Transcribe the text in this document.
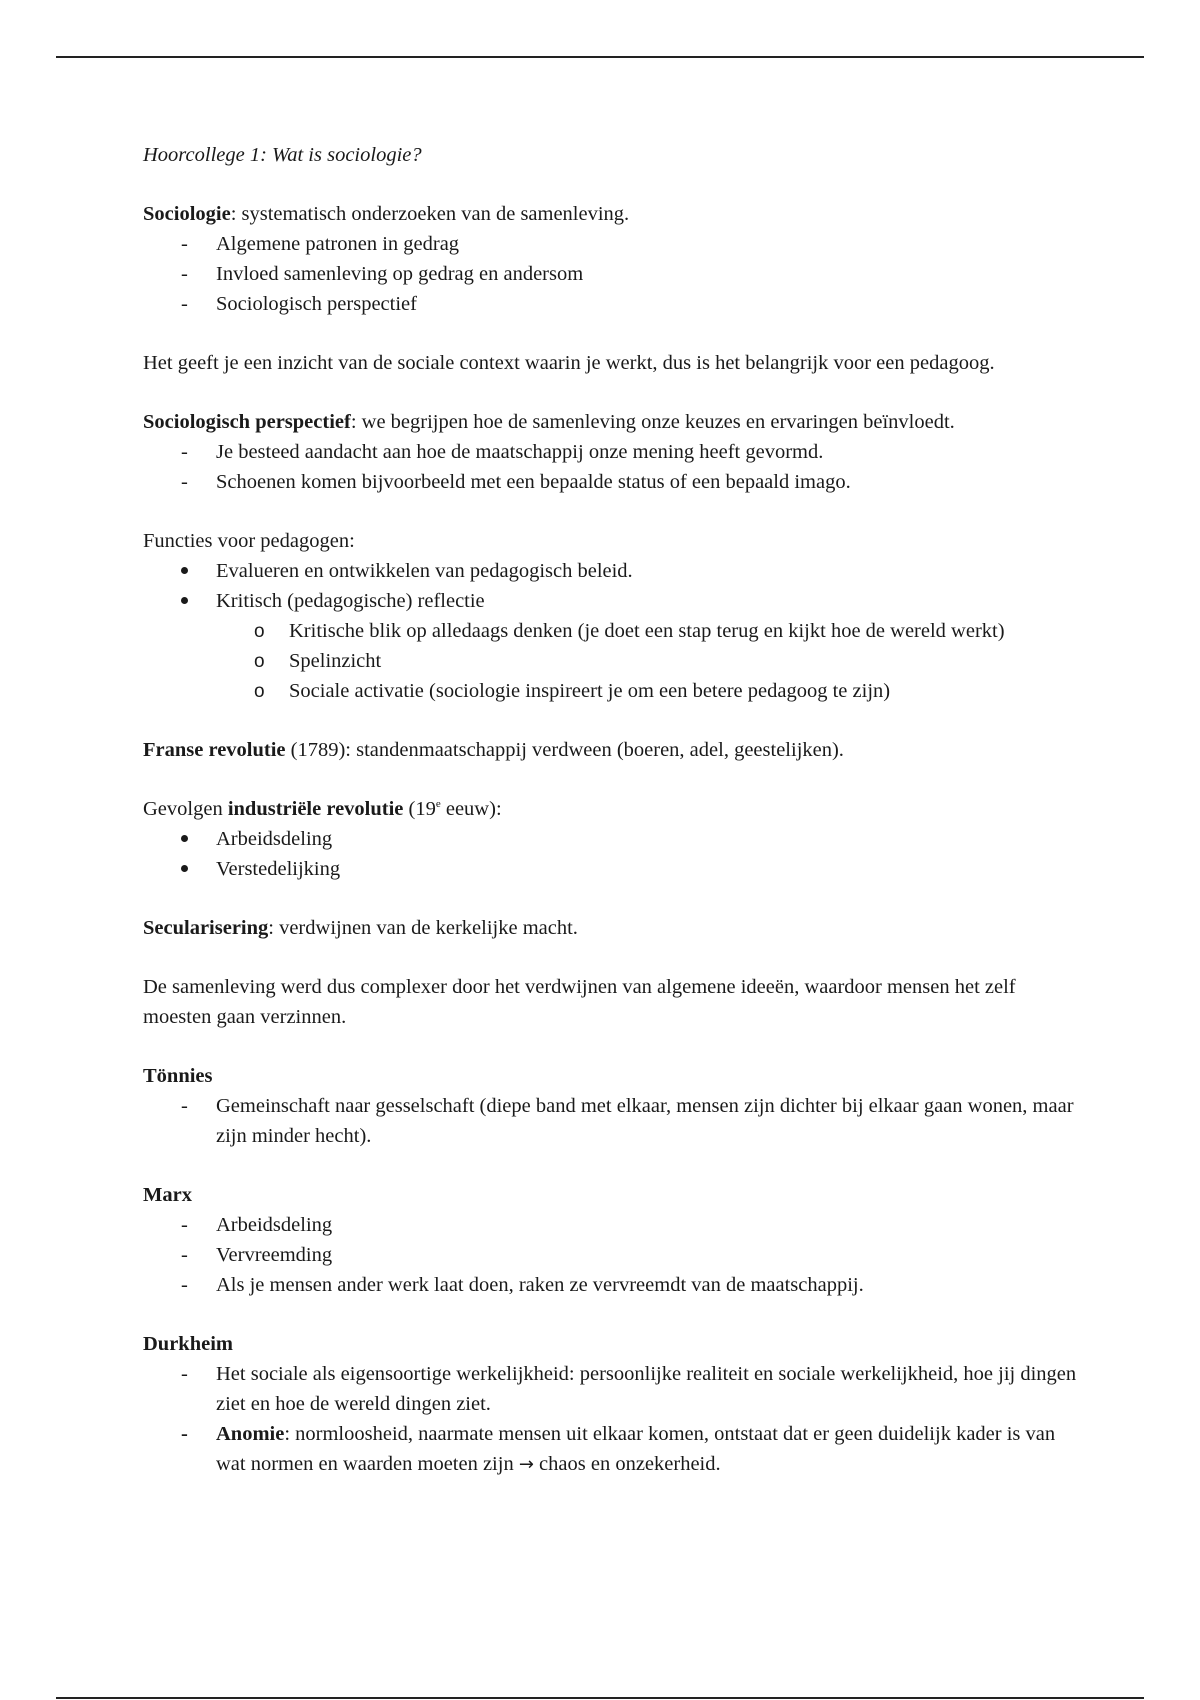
Hoorcollege 1: Wat is sociologie?

Sociologie: systematisch onderzoeken van de samenleving.

-
Algemene patronen in gedrag
-
Invloed samenleving op gedrag en andersom
-
Sociologisch perspectief

Het geeft je een inzicht van de sociale context waarin je werkt, dus is het belangrijk voor een pedagoog.

Sociologisch perspectief: we begrijpen hoe de samenleving onze keuzes en ervaringen beïnvloedt.

-
Je besteed aandacht aan hoe de maatschappij onze mening heeft gevormd.
-
Schoenen komen bijvoorbeeld met een bepaalde status of een bepaald imago.

Functies voor pedagogen:

Evalueren en ontwikkelen van pedagogisch beleid.
Kritisch (pedagogische) reflectie
o
Kritische blik op alledaags denken (je doet een stap terug en kijkt hoe de wereld werkt)
o
Spelinzicht
o
Sociale activatie (sociologie inspireert je om een betere pedagoog te zijn)

Franse revolutie (1789): standenmaatschappij verdween (boeren, adel, geestelijken).

Gevolgen industriële revolutie (19e eeuw):

Arbeidsdeling
Verstedelijking

Secularisering: verdwijnen van de kerkelijke macht.

De samenleving werd dus complexer door het verdwijnen van algemene ideeën, waardoor mensen het zelf moesten gaan verzinnen.

Tönnies

-
Gemeinschaft naar gesselschaft (diepe band met elkaar, mensen zijn dichter bij elkaar gaan wonen, maar zijn minder hecht).

Marx

-
Arbeidsdeling
-
Vervreemding
-
Als je mensen ander werk laat doen, raken ze vervreemdt van de maatschappij.

Durkheim

-
Het sociale als eigensoortige werkelijkheid: persoonlijke realiteit en sociale werkelijkheid, hoe jij dingen ziet en hoe de wereld dingen ziet.
-
Anomie: normloosheid, naarmate mensen uit elkaar komen, ontstaat dat er geen duidelijk kader is van wat normen en waarden moeten zijn → chaos en onzekerheid.
